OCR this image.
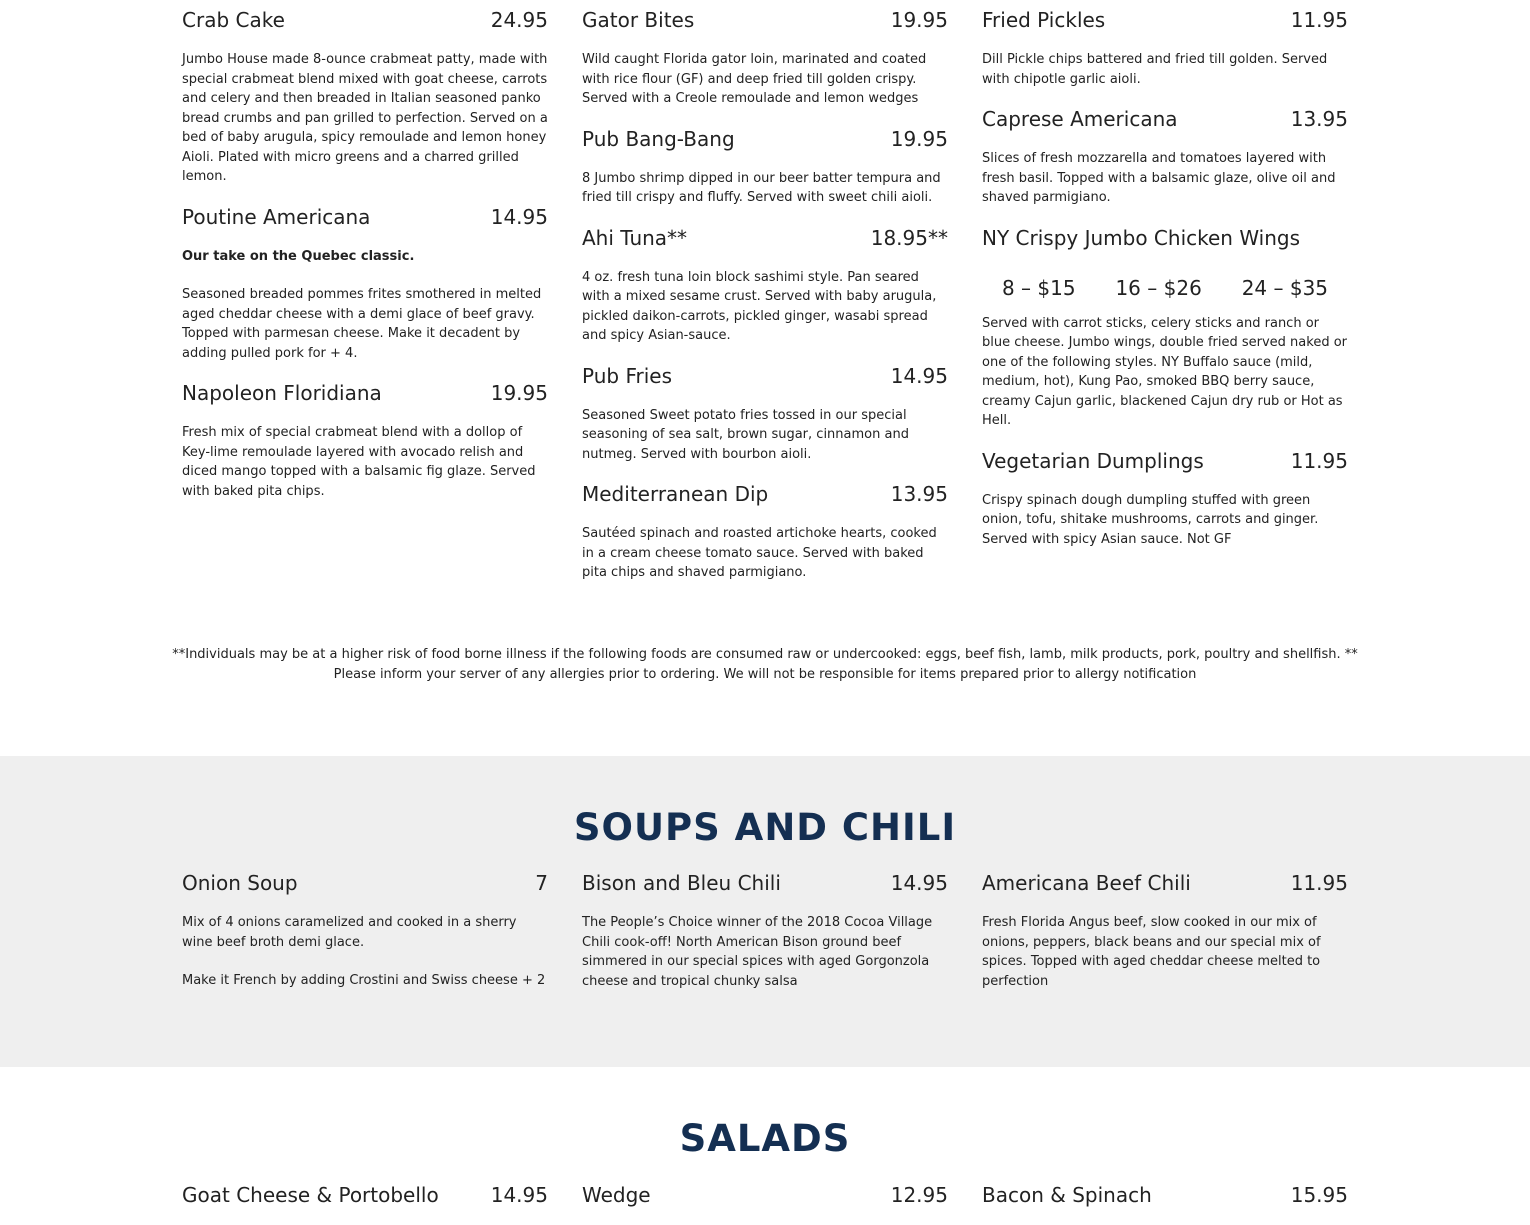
Crab Cake	24.95

Jumbo House made 8-ounce crabmeat patty, made with special crabmeat blend mixed with goat cheese, carrots and celery and then breaded in Italian seasoned panko bread crumbs and pan grilled to perfection. Served on a bed of baby arugula, spicy remoulade and lemon honey Aioli. Plated with micro greens and a charred grilled lemon.

Poutine Americana	14.95

Our take on the Quebec classic.

Seasoned breaded pommes frites smothered in melted aged cheddar cheese with a demi glace of beef gravy. Topped with parmesan cheese. Make it decadent by adding pulled pork for + 4.

Napoleon Floridiana	19.95

Fresh mix of special crabmeat blend with a dollop of Key-lime remoulade layered with avocado relish and diced mango topped with a balsamic fig glaze. Served with baked pita chips.

Gator Bites	19.95

Wild caught Florida gator loin, marinated and coated with rice flour (GF) and deep fried till golden crispy. Served with a Creole remoulade and lemon wedges

Pub Bang-Bang	19.95

8 Jumbo shrimp dipped in our beer batter tempura and fried till crispy and fluffy. Served with sweet chili aioli.

Ahi Tuna**	18.95**

4 oz. fresh tuna loin block sashimi style. Pan seared with a mixed sesame crust. Served with baby arugula, pickled daikon-carrots, pickled ginger, wasabi spread and spicy Asian-sauce.

Pub Fries	14.95

Seasoned Sweet potato fries tossed in our special seasoning of sea salt, brown sugar, cinnamon and nutmeg. Served with bourbon aioli.

Mediterranean Dip	13.95

Sautéed spinach and roasted artichoke hearts, cooked in a cream cheese tomato sauce. Served with baked pita chips and shaved parmigiano.

Fried Pickles	11.95

Dill Pickle chips battered and fried till golden. Served with chipotle garlic aioli.

Caprese Americana	13.95

Slices of fresh mozzarella and tomatoes layered with fresh basil. Topped with a balsamic glaze, olive oil and shaved parmigiano.

NY Crispy Jumbo Chicken Wings
8 – $15 16 – $26 24 – $35

Served with carrot sticks, celery sticks and ranch or blue cheese. Jumbo wings, double fried served naked or one of the following styles. NY Buffalo sauce (mild, medium, hot), Kung Pao, smoked BBQ berry sauce, creamy Cajun garlic, blackened Cajun dry rub or Hot as Hell.

Vegetarian Dumplings	11.95

Crispy spinach dough dumpling stuffed with green onion, tofu, shitake mushrooms, carrots and ginger. Served with spicy Asian sauce. Not GF

**Individuals may be at a higher risk of food borne illness if the following foods are consumed raw or undercooked: eggs, beef fish, lamb, milk products, pork, poultry and shellfish. **
Please inform your server of any allergies prior to ordering. We will not be responsible for items prepared prior to allergy notification
SOUPS AND CHILI
Onion Soup	7

Mix of 4 onions caramelized and cooked in a sherry wine beef broth demi glace.

Make it French by adding Crostini and Swiss cheese + 2

Bison and Bleu Chili	14.95

The People’s Choice winner of the 2018 Cocoa Village Chili cook-off! North American Bison ground beef simmered in our special spices with aged Gorgonzola cheese and tropical chunky salsa

Americana Beef Chili	11.95

Fresh Florida Angus beef, slow cooked in our mix of onions, peppers, black beans and our special mix of spices. Topped with aged cheddar cheese melted to perfection

SALADS
Goat Cheese & Portobello	14.95 Wedge	12.95 Bacon & Spinach	15.95
